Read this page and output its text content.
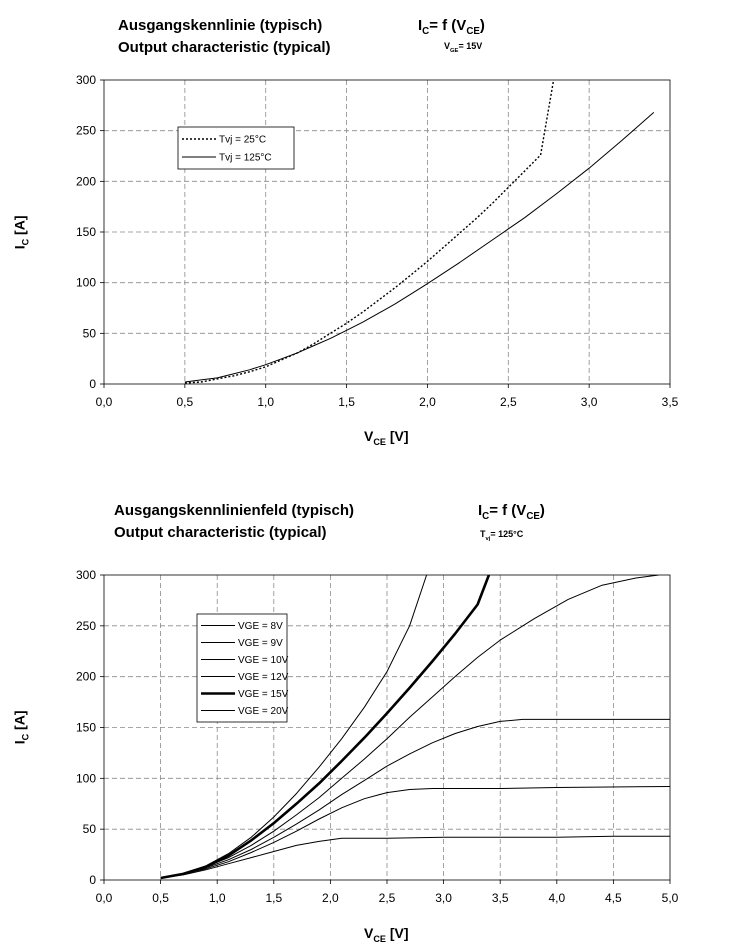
Ausgangskennlinie (typisch)
Output characteristic (typical)
$I_C= f$ $(V_{CE})$
$V_{GE}= 15V$
Ausgangskennlinienfeld (typisch)
Output characteristic (typical)
$I_C= f$ $(V_{CE})$
$T_{vj}= 125^\circ C$
$V_{CE}$ [V]
$I_C$ [A]
$V_{CE}$ [V]
$I_C$ [A]
0,0	0,5	1,0	1,5	2,0	2,5	3,0	3,5
0
50
100
150
200
250
300
Tvj = 25°C
Tvj = 125°C
0,0	0,5	1,0	1,5	2,0	2,5	3,0	3,5	4,0	4,5	5,0
0
50
100
150
200
250
300
VGE = 8V
VGE = 9V
VGE = 10V
VGE = 12V
VGE = 15V
VGE = 20V
